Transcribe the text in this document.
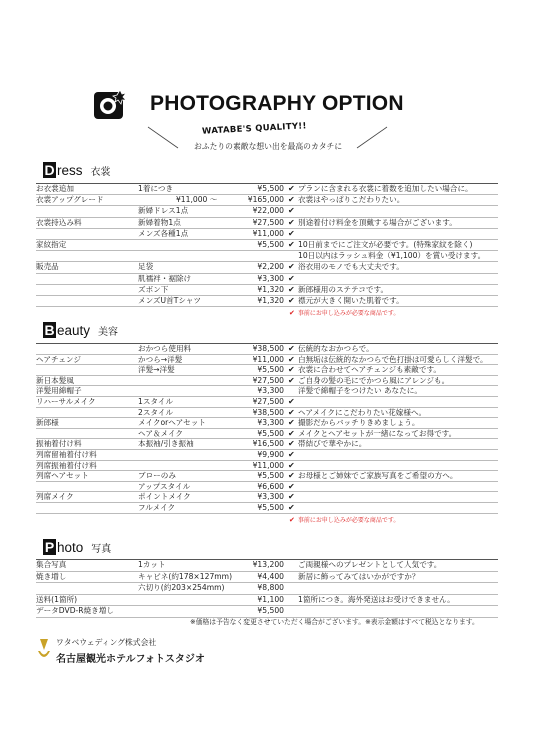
PHOTOGRAPHY OPTION
WATABE'S QUALITY!!
おふたりの素敵な想い出を最高のカタチに
D ress 衣裳
お衣裳追加	1着につき	¥5,500 ✔ プランに含まれる衣裳に着数を追加したい場合に。
衣裳アップグレード	　　　　　¥11,000 〜	¥165,000 ✔ 衣裳はやっぱりこだわりたい。
新婦ドレス1点	¥22,000 ✔
衣裳持込み料	新婦着物1点	¥27,500 ✔ 別途着付け料金を頂戴する場合がございます。
メンズ各種1点	¥11,000 ✔
家紋指定	¥5,500 ✔ 10日前までにご注文が必要です。(特殊家紋を除く)
10日以内はラッシュ料金（¥1,100）を賞い受けます。
販売品	足袋	¥2,200 ✔ 浴衣用のモノでも大丈夫です。
肌襦袢・裾除け	¥3,300 ✔
ズボン下	¥1,320 ✔ 新郎様用のステテコです。
メンズU首Tシャツ	¥1,320 ✔ 襟元が大きく開いた肌着です。
✔ 事前にお申し込みが必要な商品です。
B eauty 美容
おかつら使用料	¥38,500 ✔ 伝統的なおかつらで。
ヘアチェンジ	かつら→洋髪	¥11,000 ✔ 白無垢は伝統的なかつらで色打掛は可愛らしく洋髪で。
洋髪→洋髪	¥5,500 ✔ 衣裳に合わせてヘアチェンジも素敵です。
新日本髪風	¥27,500 ✔ ご自身の髪の毛にでかつら風にアレンジも。
洋髪用綿帽子	¥3,300 洋髪で綿帽子をつけたい あなたに。
リハーサルメイク	1スタイル	¥27,500 ✔
2スタイル	¥38,500 ✔ ヘアメイクにこだわりたい花嫁様へ。
新郎様	メイクorヘアセット	¥3,300 ✔ 撮影だからバッチりきめましょう。
ヘア＆メイク	¥5,500 ✔ メイクとヘアセットが一緒になってお得です。
振袖着付け料	本振袖/引き振袖	¥16,500 ✔ 帯結びで華やかに。
列席留袖着付け料	¥9,900 ✔
列席振袖着付け料	¥11,000 ✔
列席ヘアセット	ブローのみ	¥5,500 ✔ お母様とご姉妹でご家族写真をご希望の方へ。
アップスタイル	¥6,600 ✔
列席メイク	ポイントメイク	¥3,300 ✔
フルメイク	¥5,500 ✔
✔ 事前にお申し込みが必要な商品です。
P hoto 写真
集合写真	1カット	¥13,200 ご両親様へのプレゼントとして人気です。
焼き増し	キャビネ(約178×127mm)	¥4,400 新居に飾ってみてはいかがですか？
六切り(約203×254mm)	¥8,800
送料(1箇所)	¥1,100 1箇所につき。海外発送はお受けできません。
データDVD-R焼き増し	¥5,500
※価格は予告なく変更させていただく場合がございます。※表示金額はすべて税込となります。
ワタベウェディング株式会社
名古屋観光ホテルフォトスタジオ
